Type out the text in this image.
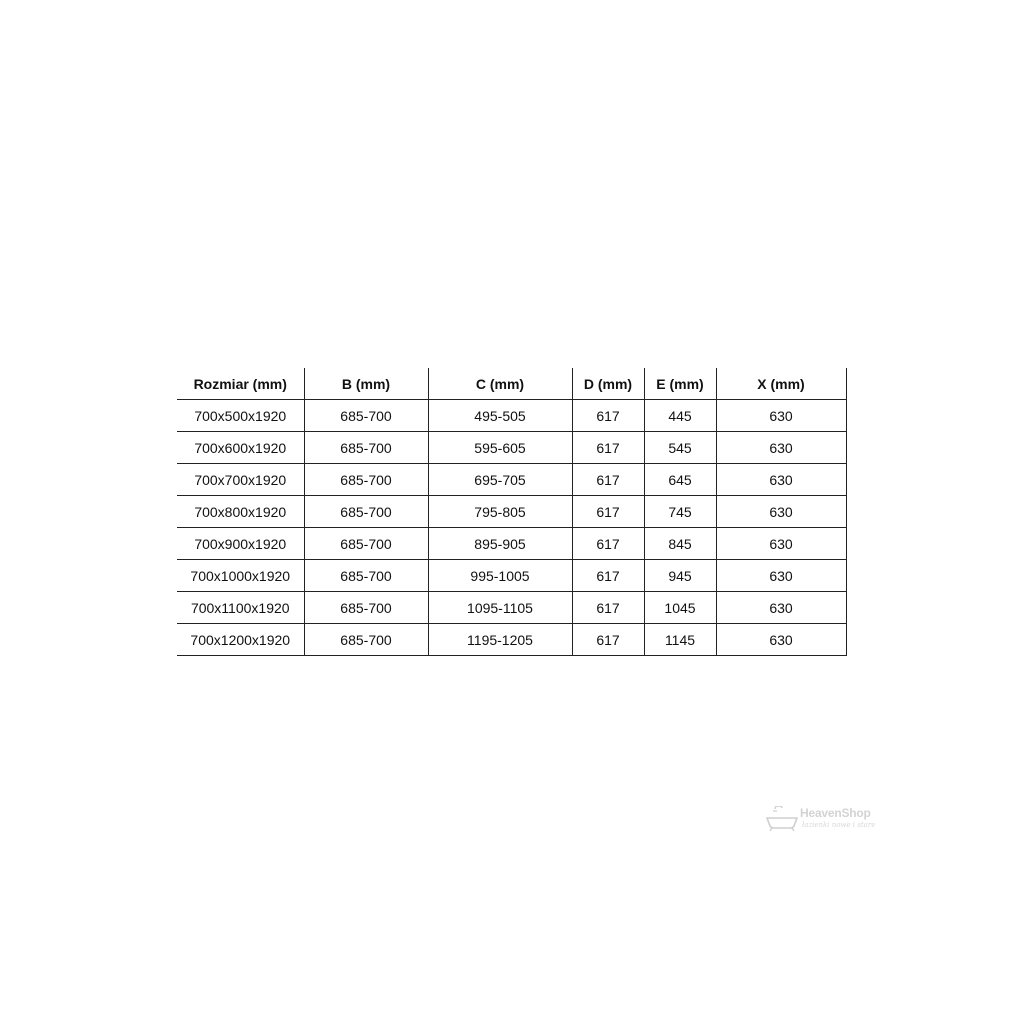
Rozmiar (mm)	B (mm)	C (mm)	D (mm)	E (mm)	X (mm)
700x500x1920	685-700	495-505	617	445	630
700x600x1920	685-700	595-605	617	545	630
700x700x1920	685-700	695-705	617	645	630
700x800x1920	685-700	795-805	617	745	630
700x900x1920	685-700	895-905	617	845	630
700x1000x1920	685-700	995-1005	617	945	630
700x1100x1920	685-700	1095-1105	617	1045	630
700x1200x1920	685-700	1195-1205	617	1145	630
HeavenShop
łazienki nowe i stare
